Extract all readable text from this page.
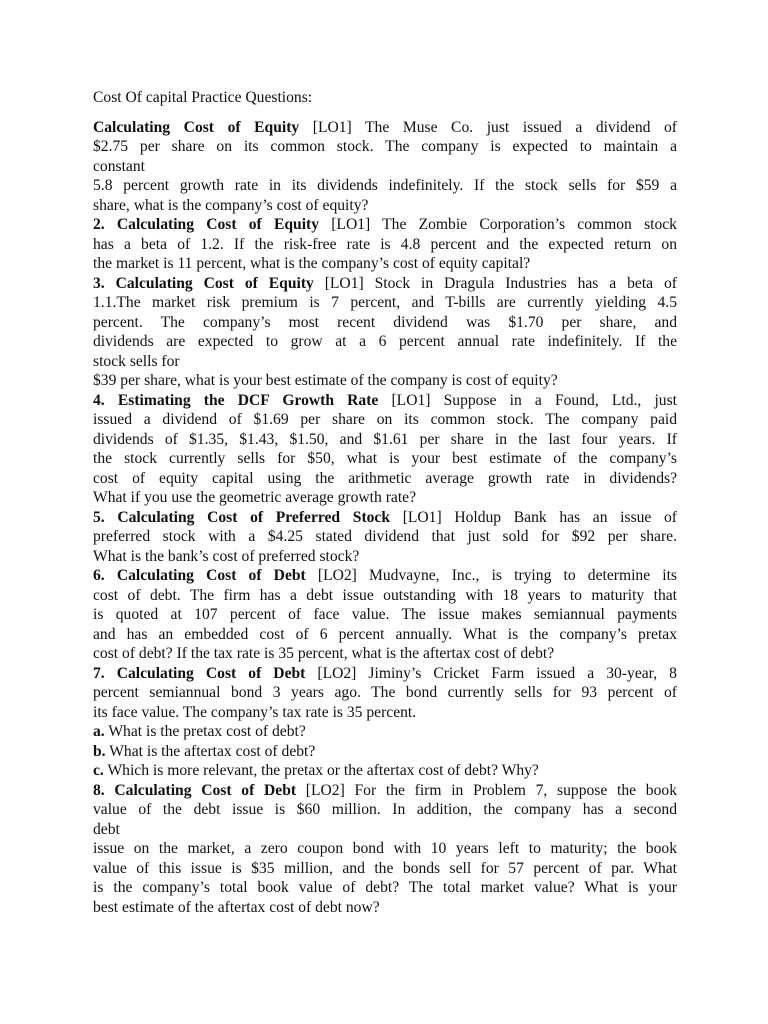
Cost Of capital Practice Questions:
Calculating Cost of Equity [LO1] The Muse Co. just issued a dividend of
$2.75 per share on its common stock. The company is expected to maintain a
constant
5.8 percent growth rate in its dividends indefinitely. If the stock sells for $59 a
share, what is the company’s cost of equity?
2. Calculating Cost of Equity [LO1] The Zombie Corporation’s common stock
has a beta of 1.2. If the risk-free rate is 4.8 percent and the expected return on
the market is 11 percent, what is the company’s cost of equity capital?
3. Calculating Cost of Equity [LO1] Stock in Dragula Industries has a beta of
1.1.The market risk premium is 7 percent, and T-bills are currently yielding 4.5
percent. The company’s most recent dividend was $1.70 per share, and
dividends are expected to grow at a 6 percent annual rate indefinitely. If the
stock sells for
$39 per share, what is your best estimate of the company is cost of equity?
4. Estimating the DCF Growth Rate [LO1] Suppose in a Found, Ltd., just
issued a dividend of $1.69 per share on its common stock. The company paid
dividends of $1.35, $1.43, $1.50, and $1.61 per share in the last four years. If
the stock currently sells for $50, what is your best estimate of the company’s
cost of equity capital using the arithmetic average growth rate in dividends?
What if you use the geometric average growth rate?
5. Calculating Cost of Preferred Stock [LO1] Holdup Bank has an issue of
preferred stock with a $4.25 stated dividend that just sold for $92 per share.
What is the bank’s cost of preferred stock?
6. Calculating Cost of Debt [LO2] Mudvayne, Inc., is trying to determine its
cost of debt. The firm has a debt issue outstanding with 18 years to maturity that
is quoted at 107 percent of face value. The issue makes semiannual payments
and has an embedded cost of 6 percent annually. What is the company’s pretax
cost of debt? If the tax rate is 35 percent, what is the aftertax cost of debt?
7. Calculating Cost of Debt [LO2] Jiminy’s Cricket Farm issued a 30-year, 8
percent semiannual bond 3 years ago. The bond currently sells for 93 percent of
its face value. The company’s tax rate is 35 percent.
a. What is the pretax cost of debt?
b. What is the aftertax cost of debt?
c. Which is more relevant, the pretax or the aftertax cost of debt? Why?
8. Calculating Cost of Debt [LO2] For the firm in Problem 7, suppose the book
value of the debt issue is $60 million. In addition, the company has a second
debt
issue on the market, a zero coupon bond with 10 years left to maturity; the book
value of this issue is $35 million, and the bonds sell for 57 percent of par. What
is the company’s total book value of debt? The total market value? What is your
best estimate of the aftertax cost of debt now?
